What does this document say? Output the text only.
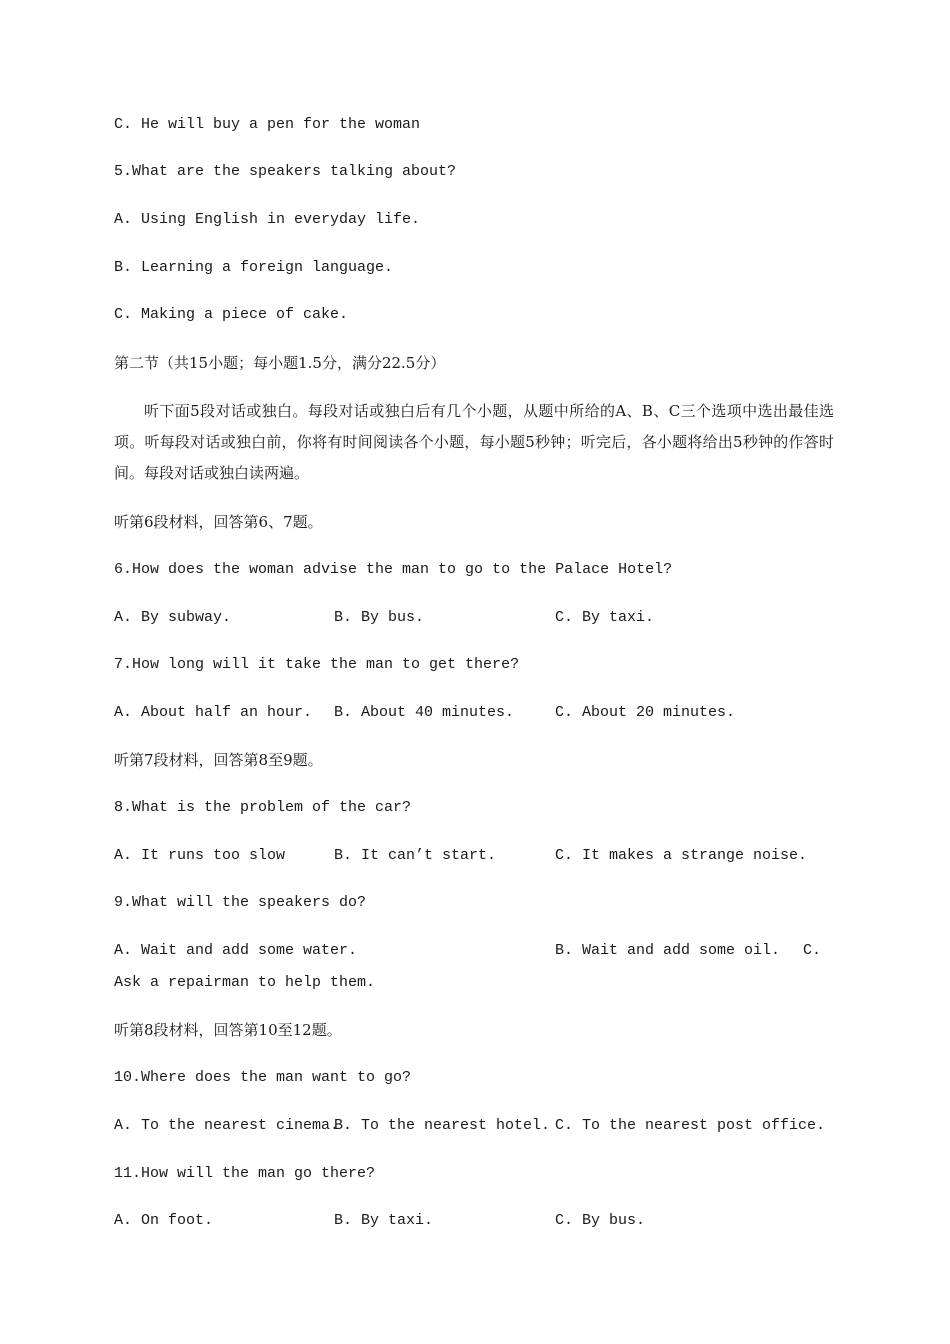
C. He will buy a pen for the woman
5.What are the speakers talking about?
A. Using English in everyday life.
B. Learning a foreign language.
C. Making a piece of cake.
第二节（共15小题；每小题1.5分，满分22.5分）
听下面5段对话或独白。每段对话或独白后有几个小题，从题中所给的A、B、C三个选项中选出最佳选项。听每段对话或独白前，你将有时间阅读各个小题，每小题5秒钟；听完后，各小题将给出5秒钟的作答时间。每段对话或独白读两遍。
听第6段材料，回答第6、7题。
6.How does the woman advise the man to go to the Palace Hotel?
A. By subway.	B. By bus.	C. By taxi.
7.How long will it take the man to get there?
A. About half an hour. B. About 40 minutes.	C. About 20 minutes.
听第7段材料，回答第8至9题。
8.What is the problem of the car?
A. It runs too slow	B. It can’t start.	C. It makes a strange noise.
9.What will the speakers do?
A. Wait and add some water.	B. Wait and add some oil. C.
Ask a repairman to help them.
听第8段材料，回答第10至12题。
10.Where does the man want to go?
A. To the nearest cinema.
B. To the nearest hotel. C. To the nearest post office.
11.How will the man go there?
A. On foot.	B. By taxi.	C. By bus.
